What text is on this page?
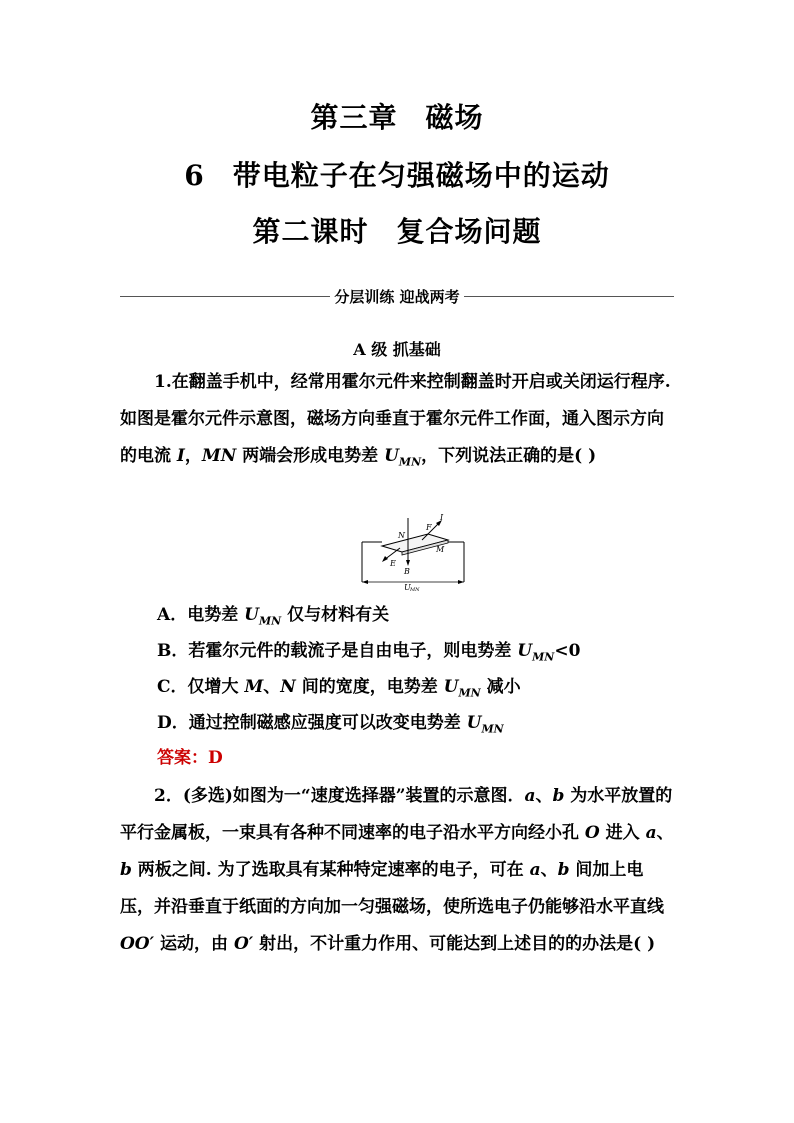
第三章 磁场
6 带电粒子在匀强磁场中的运动
第二课时 复合场问题
分层训练 迎战两考
A 级 抓基础
1.在翻盖手机中，经常用霍尔元件来控制翻盖时开启或关闭运行程序. 如图是霍尔元件示意图，磁场方向垂直于霍尔元件工作面，通入图示方向的电流 I，MN 两端会形成电势差 $U_{MN}$，下列说法正确的是( )
N
F
I
M
E
B
U MN
A．电势差 $U_{MN}$ 仅与材料有关
B．若霍尔元件的载流子是自由电子，则电势差 $U_{MN}<0$
C．仅增大 M、N 间的宽度，电势差 $U_{MN}$ 减小
D．通过控制磁感应强度可以改变电势差 $U_{MN}$
答案：D
2．(多选)如图为一“速度选择器”装置的示意图．a、b 为水平放置的平行金属板，一束具有各种不同速率的电子沿水平方向经小孔 O 进入 a、b 两板之间. 为了选取具有某种特定速率的电子，可在 a、b 间加上电压，并沿垂直于纸面的方向加一匀强磁场，使所选电子仍能够沿水平直线 OO′ 运动，由 O′ 射出，不计重力作用、可能达到上述目的的办法是( )
